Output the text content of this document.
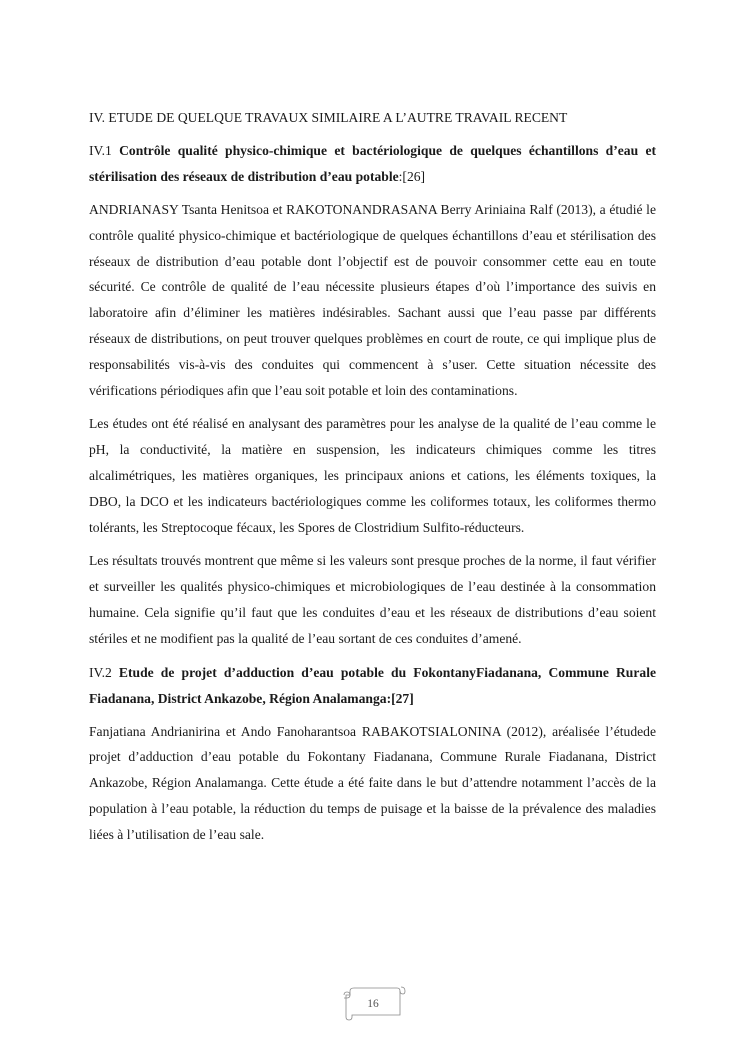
IV. ETUDE DE QUELQUE TRAVAUX SIMILAIRE A L’AUTRE TRAVAIL RECENT

IV.1 Contrôle qualité physico-chimique et bactériologique de quelques échantillons d’eau et stérilisation des réseaux de distribution d’eau potable:[26]

ANDRIANASY Tsanta Henitsoa et RAKOTONANDRASANA Berry Ariniaina Ralf (2013), a étudié le contrôle qualité physico-chimique et bactériologique de quelques échantillons d’eau et stérilisation des réseaux de distribution d’eau potable dont l’objectif est de pouvoir consommer cette eau en toute sécurité. Ce contrôle de qualité de l’eau nécessite plusieurs étapes d’où l’importance des suivis en laboratoire afin d’éliminer les matières indésirables. Sachant aussi que l’eau passe par différents réseaux de distributions, on peut trouver quelques problèmes en court de route, ce qui implique plus de responsabilités vis-à-vis des conduites qui commencent à s’user. Cette situation nécessite des vérifications périodiques afin que l’eau soit potable et loin des contaminations.

Les études ont été réalisé en analysant des paramètres pour les analyse de la qualité de l’eau comme le pH, la conductivité, la matière en suspension, les indicateurs chimiques comme les titres alcalimétriques, les matières organiques, les principaux anions et cations, les éléments toxiques, la DBO, la DCO et les indicateurs bactériologiques comme les coliformes totaux, les coliformes thermo tolérants, les Streptocoque fécaux, les Spores de Clostridium Sulfito-réducteurs.

Les résultats trouvés montrent que même si les valeurs sont presque proches de la norme, il faut vérifier et surveiller les qualités physico-chimiques et microbiologiques de l’eau destinée à la consommation humaine. Cela signifie qu’il faut que les conduites d’eau et les réseaux de distributions d’eau soient stériles et ne modifient pas la qualité de l’eau sortant de ces conduites d’amené.

IV.2 Etude de projet d’adduction d’eau potable du FokontanyFiadanana, Commune Rurale Fiadanana, District Ankazobe, Région Analamanga:[27]

Fanjatiana Andrianirina et Ando Fanoharantsoa RABAKOTSIALONINA (2012), aréalisée l’étudede projet d’adduction d’eau potable du Fokontany Fiadanana, Commune Rurale Fiadanana, District Ankazobe, Région Analamanga. Cette étude a été faite dans le but d’attendre notamment l’accès de la population à l’eau potable, la réduction du temps de puisage et la baisse de la prévalence des maladies liées à l’utilisation de l’eau sale.

16
